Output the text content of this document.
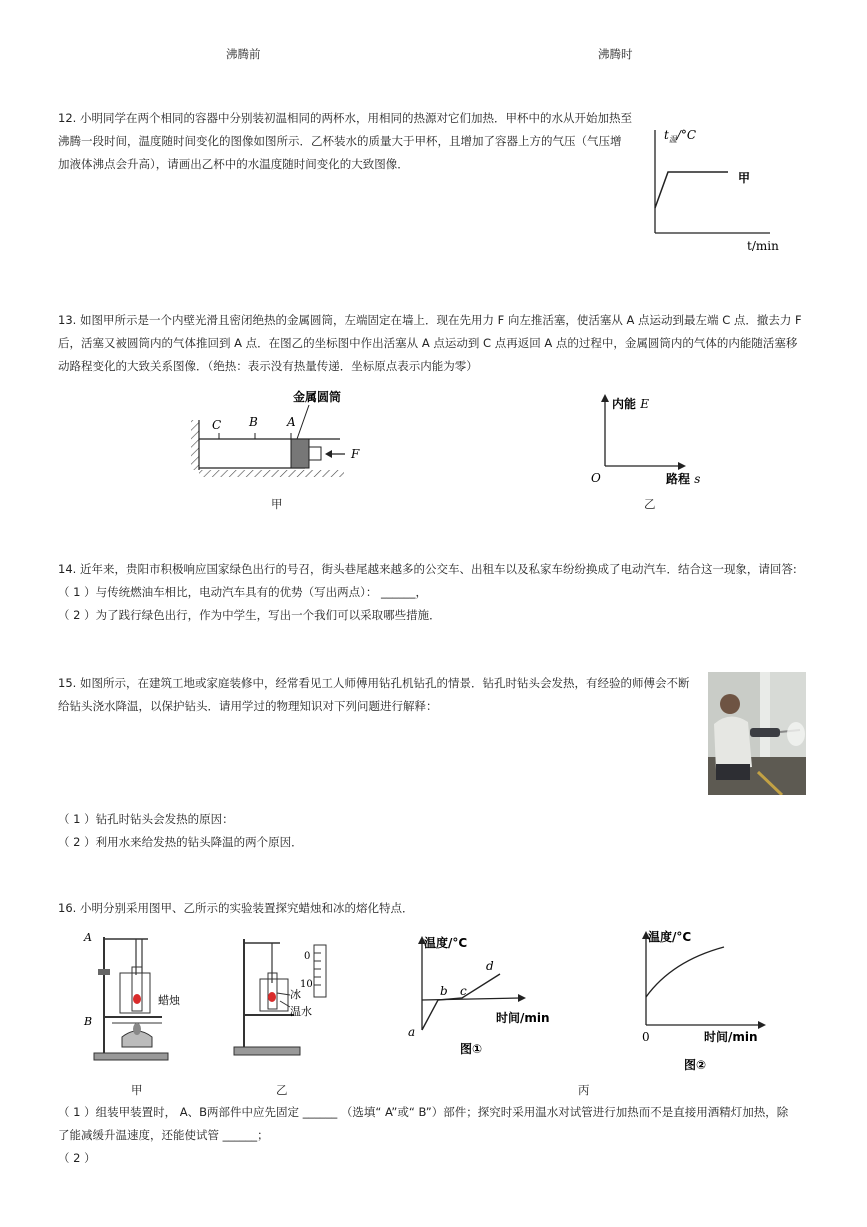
沸腾前	沸腾时
12. 小明同学在两个相同的容器中分别装初温相同的两杯水，用相同的热源对它们加热．甲杯中的水从开始加热至
沸腾一段时间，温度随时间变化的图像如图所示．乙杯装水的质量大于甲杯，且增加了容器上方的气压（气压增
加液体沸点会升高），请画出乙杯中的水温度随时间变化的大致图像．
$t_温/^\circ C$
甲
t/min
13. 如图甲所示是一个内壁光滑且密闭绝热的金属圆筒，左端固定在墙上．现在先用力 F 向左推活塞，使活塞从 A 点运动到最左端 C 点．撤去力 F
后，活塞又被圆筒内的气体推回到 A 点．在图乙的坐标图中作出活塞从 A 点运动到 C 点再返回 A 点的过程中，金属圆筒内的气体的内能随活塞移
动路程变化的大致关系图像．（绝热：表示没有热量传递．坐标原点表示内能为零）
C B A
金属圆筒
F
甲
内能 E
路程 s
O
乙
14. 近年来，贵阳市积极响应国家绿色出行的号召，街头巷尾越来越多的公交车、出租车以及私家车纷纷换成了电动汽车．结合这一现象，请回答:
（ 1 ）与传统燃油车相比，电动汽车具有的优势（写出两点）： ______，
（ 2 ）为了践行绿色出行，作为中学生，写出一个我们可以采取哪些措施．
15. 如图所示，在建筑工地或家庭装修中，经常看见工人师傅用钻孔机钻孔的情景．钻孔时钻头会发热，有经验的师傅会不断
给钻头浇水降温，以保护钻头．请用学过的物理知识对下列问题进行解释：
（ 1 ）钻孔时钻头会发热的原因：
（ 2 ）利用水来给发热的钻头降温的两个原因．
16. 小明分别采用图甲、乙所示的实验装置探究蜡烛和冰的熔化特点．
A
B
蜡烛
甲
0
10
冰
温水
乙
温度/°C
时间/min
a
b c
d
图①
温度/°C
0	时间/min
图②
丙
（ 1 ）组装甲装置时， A、B两部件中应先固定 ______ （选填“ A”或“ B”）部件；探究时采用温水对试管进行加热而不是直接用酒精灯加热，除
了能减缓升温速度，还能使试管 ______；
（ 2 ）
